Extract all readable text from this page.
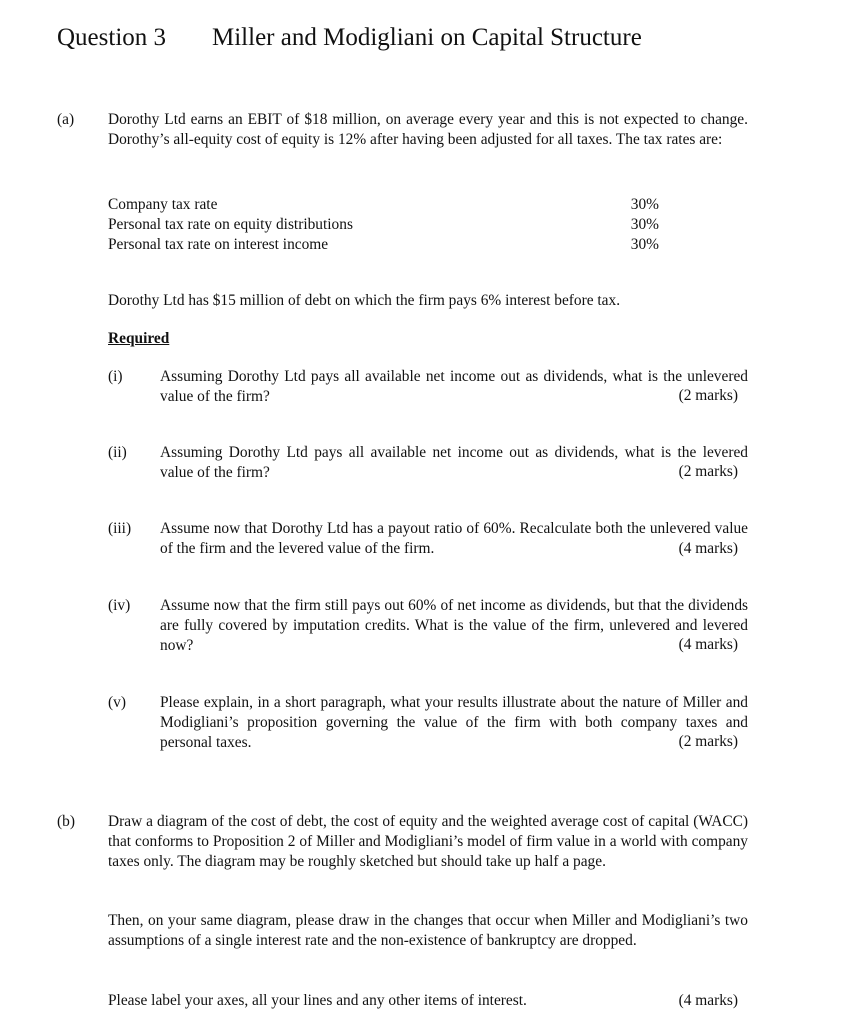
Question 3 Miller and Modigliani on Capital Structure
(a) Dorothy Ltd earns an EBIT of $18 million, on average every year and this is not expected to change. Dorothy’s all-equity cost of equity is 12% after having been adjusted for all taxes. The tax rates are:
Company tax rate	30%
Personal tax rate on equity distributions	30%
Personal tax rate on interest income	30%
Dorothy Ltd has $15 million of debt on which the firm pays 6% interest before tax.
Required
(i) Assuming Dorothy Ltd pays all available net income out as dividends, what is the unlevered value of the firm?	(2 marks)
(ii) Assuming Dorothy Ltd pays all available net income out as dividends, what is the levered value of the firm?	(2 marks)
(iii) Assume now that Dorothy Ltd has a payout ratio of 60%. Recalculate both the unlevered value of the firm and the levered value of the firm.	(4 marks)
(iv) Assume now that the firm still pays out 60% of net income as dividends, but that the dividends are fully covered by imputation credits. What is the value of the firm, unlevered and levered now?	(4 marks)
(v) Please explain, in a short paragraph, what your results illustrate about the nature of Miller and Modigliani’s proposition governing the value of the firm with both company taxes and personal taxes.	(2 marks)
(b) Draw a diagram of the cost of debt, the cost of equity and the weighted average cost of capital (WACC) that conforms to Proposition 2 of Miller and Modigliani’s model of firm value in a world with company taxes only. The diagram may be roughly sketched but should take up half a page.
Then, on your same diagram, please draw in the changes that occur when Miller and Modigliani’s two assumptions of a single interest rate and the non-existence of bankruptcy are dropped.
Please label your axes, all your lines and any other items of interest.	(4 marks)
